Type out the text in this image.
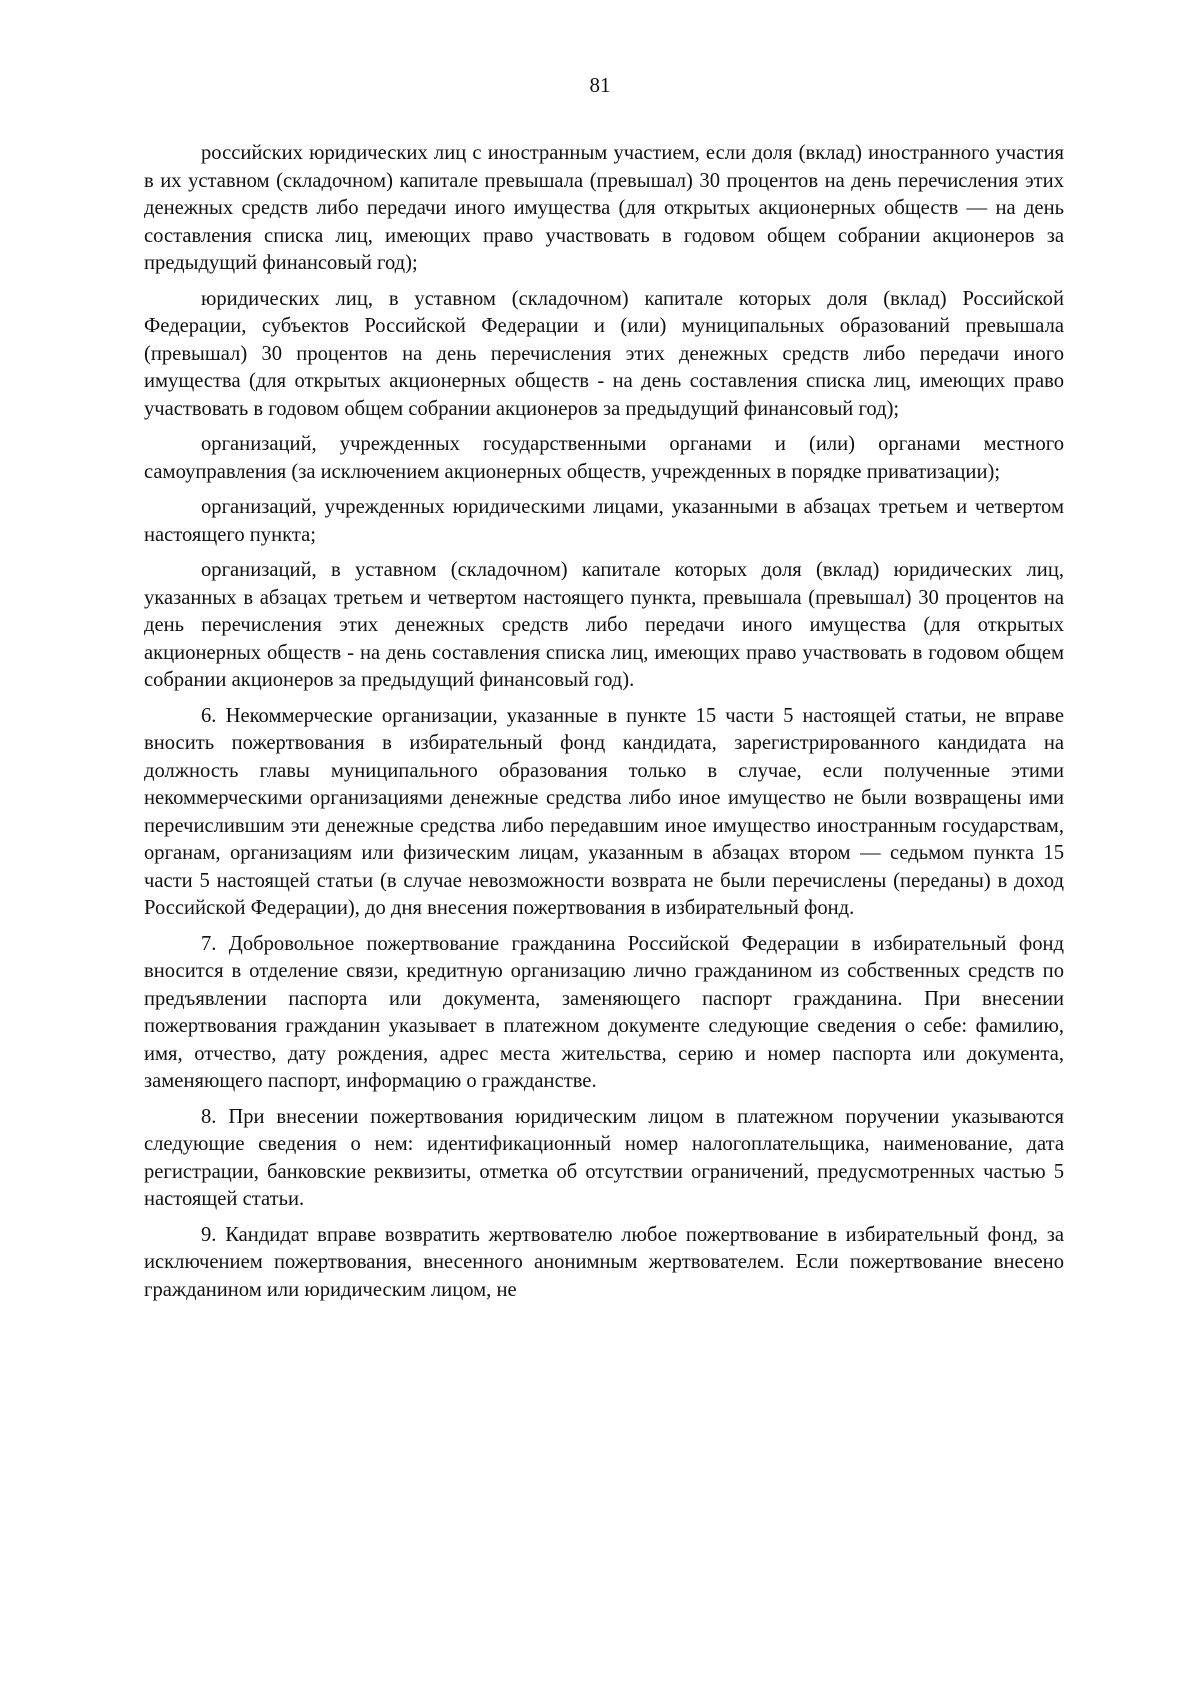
81

российских юридических лиц с иностранным участием, если доля (вклад) иностранного участия в их уставном (складочном) капитале превышала (превышал) 30 процентов на день перечисления этих денежных средств либо передачи иного имущества (для открытых акционерных обществ — на день составления списка лиц, имеющих право участвовать в годовом общем собрании акционеров за предыдущий финансовый год);

юридических лиц, в уставном (складочном) капитале которых доля (вклад) Российской Федерации, субъектов Российской Федерации и (или) муниципальных образований превышала (превышал) 30 процентов на день перечисления этих денежных средств либо передачи иного имущества (для открытых акционерных обществ - на день составления списка лиц, имеющих право участвовать в годовом общем собрании акционеров за предыдущий финансовый год);

организаций, учрежденных государственными органами и (или) органами местного самоуправления (за исключением акционерных обществ, учрежденных в порядке приватизации);

организаций, учрежденных юридическими лицами, указанными в абзацах третьем и четвертом настоящего пункта;

организаций, в уставном (складочном) капитале которых доля (вклад) юридических лиц, указанных в абзацах третьем и четвертом настоящего пункта, превышала (превышал) 30 процентов на день перечисления этих денежных средств либо передачи иного имущества (для открытых акционерных обществ - на день составления списка лиц, имеющих право участвовать в годовом общем собрании акционеров за предыдущий финансовый год).

6. Некоммерческие организации, указанные в пункте 15 части 5 настоящей статьи, не вправе вносить пожертвования в избирательный фонд кандидата, зарегистрированного кандидата на должность главы муниципального образования только в случае, если полученные этими некоммерческими организациями денежные средства либо иное имущество не были возвращены ими перечислившим эти денежные средства либо передавшим иное имущество иностранным государствам, органам, организациям или физическим лицам, указанным в абзацах втором — седьмом пункта 15 части 5 настоящей статьи (в случае невозможности возврата не были перечислены (переданы) в доход Российской Федерации), до дня внесения пожертвования в избирательный фонд.

7. Добровольное пожертвование гражданина Российской Федерации в избирательный фонд вносится в отделение связи, кредитную организацию лично гражданином из собственных средств по предъявлении паспорта или документа, заменяющего паспорт гражданина. При внесении пожертвования гражданин указывает в платежном документе следующие сведения о себе: фамилию, имя, отчество, дату рождения, адрес места жительства, серию и номер паспорта или документа, заменяющего паспорт, информацию о гражданстве.

8. При внесении пожертвования юридическим лицом в платежном поручении указываются следующие сведения о нем: идентификационный номер налогоплательщика, наименование, дата регистрации, банковские реквизиты, отметка об отсутствии ограничений, предусмотренных частью 5 настоящей статьи.

9. Кандидат вправе возвратить жертвователю любое пожертвование в избирательный фонд, за исключением пожертвования, внесенного анонимным жертвователем. Если пожертвование внесено гражданином или юридическим лицом, не
